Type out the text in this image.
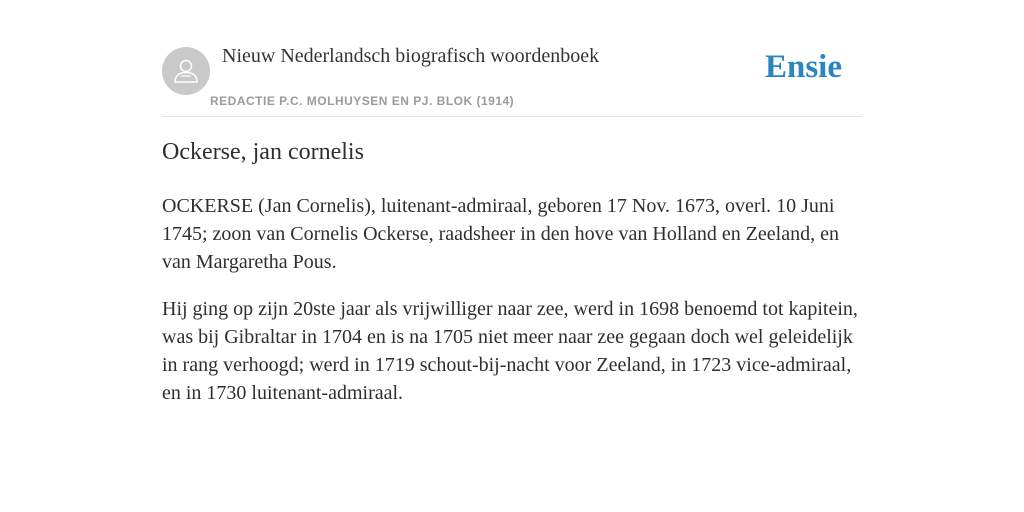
Nieuw Nederlandsch biografisch woordenboek
REDACTIE P.C. MOLHUYSEN EN PJ. BLOK (1914)
Ensie
Ockerse, jan cornelis

OCKERSE (Jan Cornelis), luitenant-admiraal, geboren 17 Nov. 1673, overl. 10 Juni 1745; zoon van Cornelis Ockerse, raadsheer in den hove van Holland en Zeeland, en van Margaretha Pous.

Hij ging op zijn 20ste jaar als vrijwilliger naar zee, werd in 1698 benoemd tot kapitein, was bij Gibraltar in 1704 en is na 1705 niet meer naar zee gegaan doch wel geleidelijk in rang verhoogd; werd in 1719 schout-bij-nacht voor Zeeland, in 1723 vice-admiraal, en in 1730 luitenant-admiraal.
